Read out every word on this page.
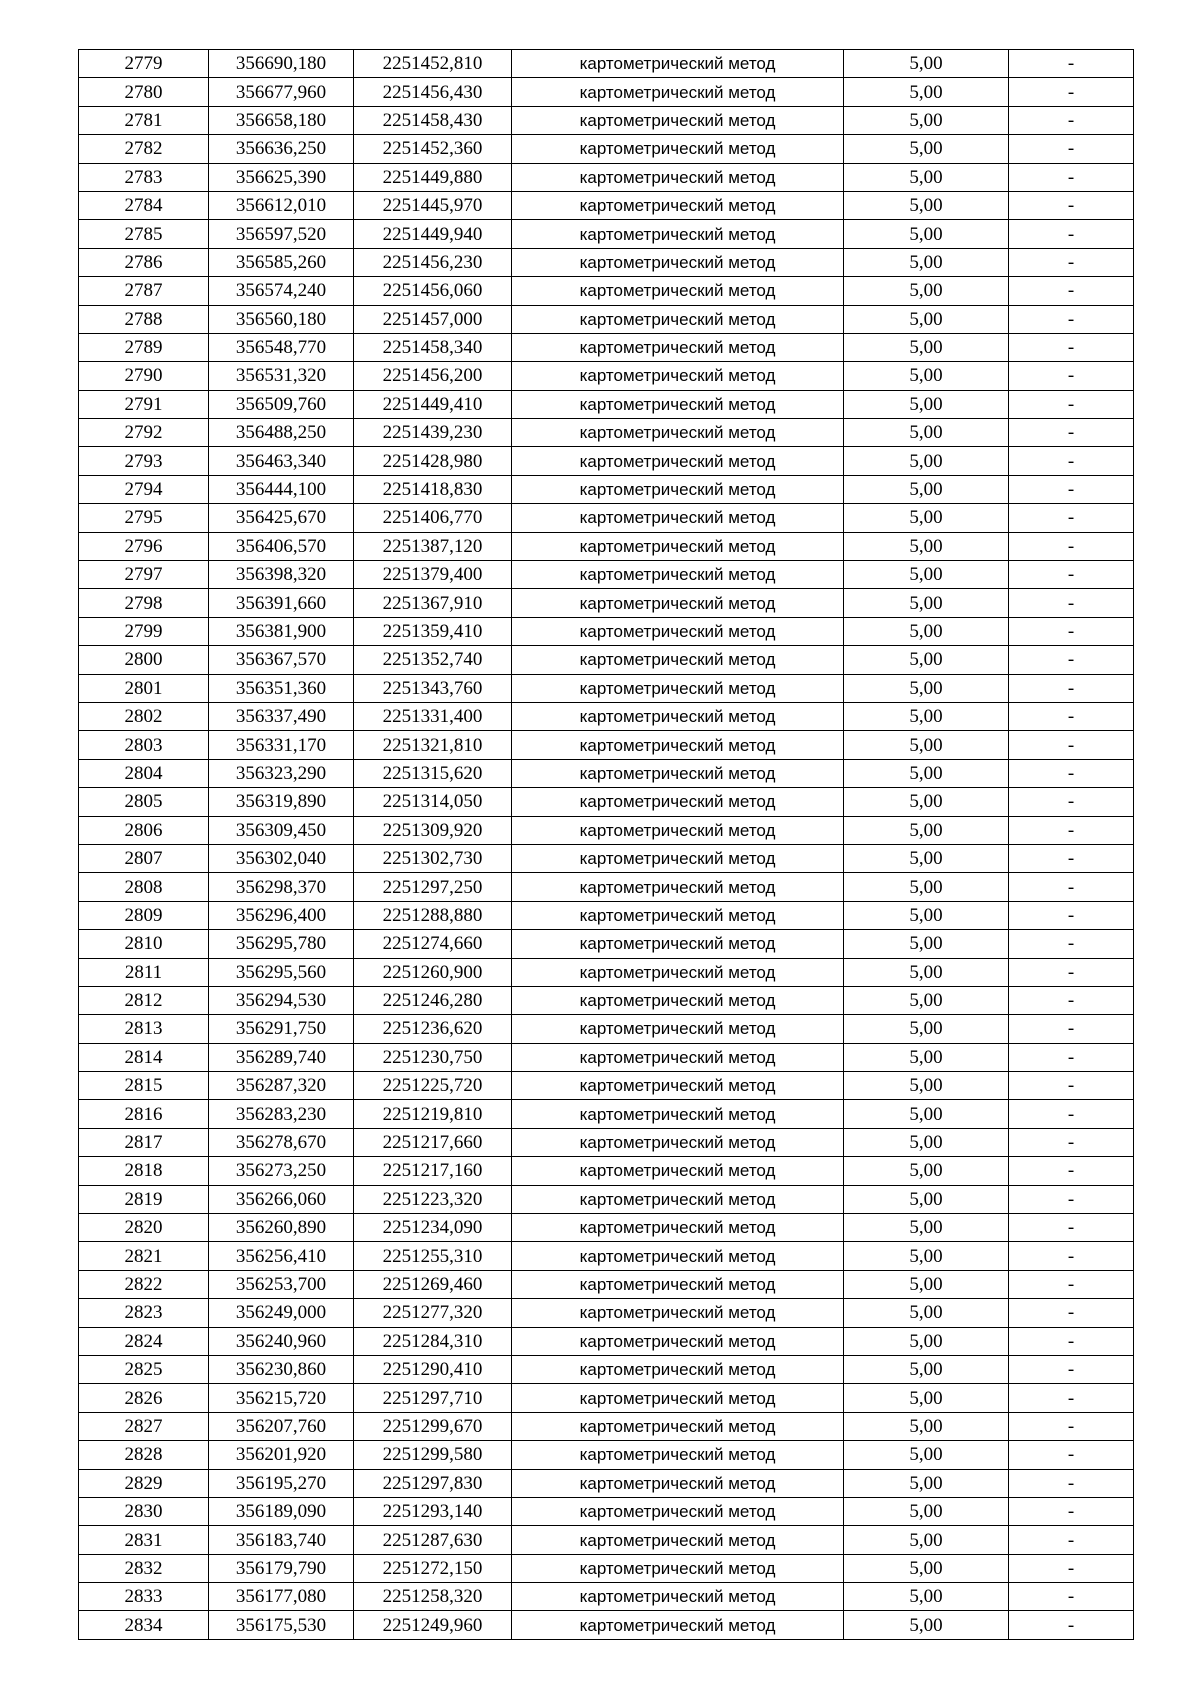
2779	356690,180	2251452,810	картометрический метод	5,00	-
2780	356677,960	2251456,430	картометрический метод	5,00	-
2781	356658,180	2251458,430	картометрический метод	5,00	-
2782	356636,250	2251452,360	картометрический метод	5,00	-
2783	356625,390	2251449,880	картометрический метод	5,00	-
2784	356612,010	2251445,970	картометрический метод	5,00	-
2785	356597,520	2251449,940	картометрический метод	5,00	-
2786	356585,260	2251456,230	картометрический метод	5,00	-
2787	356574,240	2251456,060	картометрический метод	5,00	-
2788	356560,180	2251457,000	картометрический метод	5,00	-
2789	356548,770	2251458,340	картометрический метод	5,00	-
2790	356531,320	2251456,200	картометрический метод	5,00	-
2791	356509,760	2251449,410	картометрический метод	5,00	-
2792	356488,250	2251439,230	картометрический метод	5,00	-
2793	356463,340	2251428,980	картометрический метод	5,00	-
2794	356444,100	2251418,830	картометрический метод	5,00	-
2795	356425,670	2251406,770	картометрический метод	5,00	-
2796	356406,570	2251387,120	картометрический метод	5,00	-
2797	356398,320	2251379,400	картометрический метод	5,00	-
2798	356391,660	2251367,910	картометрический метод	5,00	-
2799	356381,900	2251359,410	картометрический метод	5,00	-
2800	356367,570	2251352,740	картометрический метод	5,00	-
2801	356351,360	2251343,760	картометрический метод	5,00	-
2802	356337,490	2251331,400	картометрический метод	5,00	-
2803	356331,170	2251321,810	картометрический метод	5,00	-
2804	356323,290	2251315,620	картометрический метод	5,00	-
2805	356319,890	2251314,050	картометрический метод	5,00	-
2806	356309,450	2251309,920	картометрический метод	5,00	-
2807	356302,040	2251302,730	картометрический метод	5,00	-
2808	356298,370	2251297,250	картометрический метод	5,00	-
2809	356296,400	2251288,880	картометрический метод	5,00	-
2810	356295,780	2251274,660	картометрический метод	5,00	-
2811	356295,560	2251260,900	картометрический метод	5,00	-
2812	356294,530	2251246,280	картометрический метод	5,00	-
2813	356291,750	2251236,620	картометрический метод	5,00	-
2814	356289,740	2251230,750	картометрический метод	5,00	-
2815	356287,320	2251225,720	картометрический метод	5,00	-
2816	356283,230	2251219,810	картометрический метод	5,00	-
2817	356278,670	2251217,660	картометрический метод	5,00	-
2818	356273,250	2251217,160	картометрический метод	5,00	-
2819	356266,060	2251223,320	картометрический метод	5,00	-
2820	356260,890	2251234,090	картометрический метод	5,00	-
2821	356256,410	2251255,310	картометрический метод	5,00	-
2822	356253,700	2251269,460	картометрический метод	5,00	-
2823	356249,000	2251277,320	картометрический метод	5,00	-
2824	356240,960	2251284,310	картометрический метод	5,00	-
2825	356230,860	2251290,410	картометрический метод	5,00	-
2826	356215,720	2251297,710	картометрический метод	5,00	-
2827	356207,760	2251299,670	картометрический метод	5,00	-
2828	356201,920	2251299,580	картометрический метод	5,00	-
2829	356195,270	2251297,830	картометрический метод	5,00	-
2830	356189,090	2251293,140	картометрический метод	5,00	-
2831	356183,740	2251287,630	картометрический метод	5,00	-
2832	356179,790	2251272,150	картометрический метод	5,00	-
2833	356177,080	2251258,320	картометрический метод	5,00	-
2834	356175,530	2251249,960	картометрический метод	5,00	-
